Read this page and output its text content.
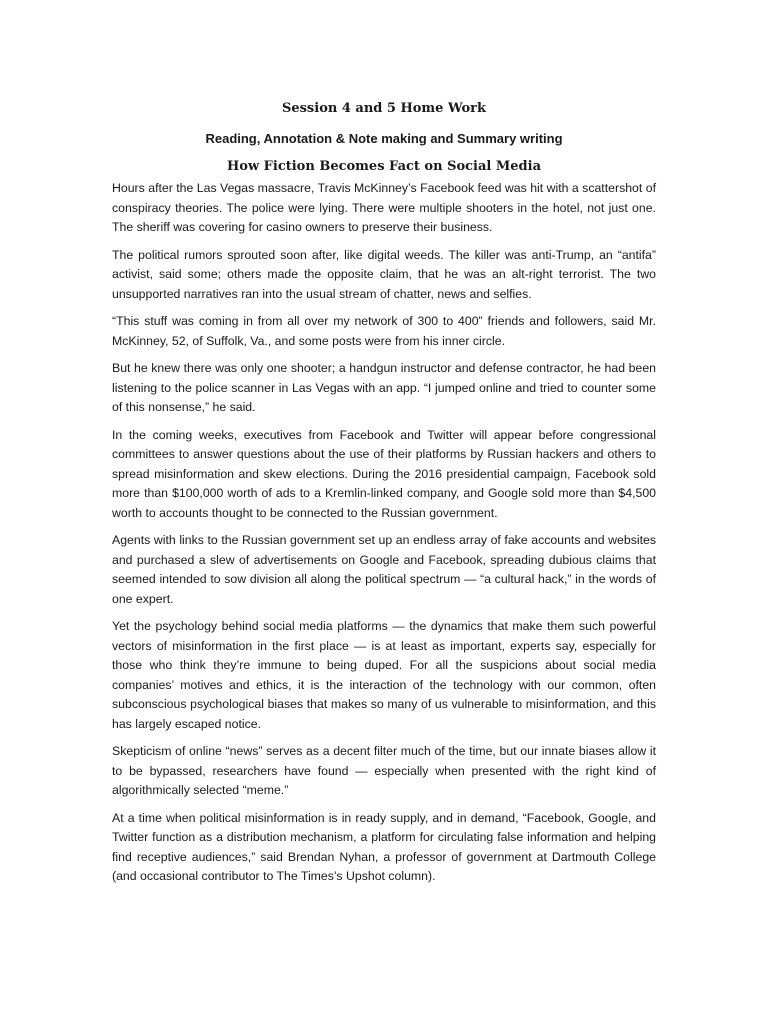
Session 4 and 5 Home Work
Reading, Annotation & Note making and Summary writing
How Fiction Becomes Fact on Social Media

Hours after the Las Vegas massacre, Travis McKinney’s Facebook feed was hit with a scattershot of conspiracy theories. The police were lying. There were multiple shooters in the hotel, not just one. The sheriff was covering for casino owners to preserve their business.

The political rumors sprouted soon after, like digital weeds. The killer was anti-Trump, an “antifa” activist, said some; others made the opposite claim, that he was an alt-right terrorist. The two unsupported narratives ran into the usual stream of chatter, news and selfies.

“This stuff was coming in from all over my network of 300 to 400” friends and followers, said Mr. McKinney, 52, of Suffolk, Va., and some posts were from his inner circle.

But he knew there was only one shooter; a handgun instructor and defense contractor, he had been listening to the police scanner in Las Vegas with an app. “I jumped online and tried to counter some of this nonsense,” he said.

In the coming weeks, executives from Facebook and Twitter will appear before congressional committees to answer questions about the use of their platforms by Russian hackers and others to spread misinformation and skew elections. During the 2016 presidential campaign, Facebook sold more than $100,000 worth of ads to a Kremlin-linked company, and Google sold more than $4,500 worth to accounts thought to be connected to the Russian government.

Agents with links to the Russian government set up an endless array of fake accounts and websites and purchased a slew of advertisements on Google and Facebook, spreading dubious claims that seemed intended to sow division all along the political spectrum — “a cultural hack,” in the words of one expert.

Yet the psychology behind social media platforms — the dynamics that make them such powerful vectors of misinformation in the first place — is at least as important, experts say, especially for those who think they’re immune to being duped. For all the suspicions about social media companies’ motives and ethics, it is the interaction of the technology with our common, often subconscious psychological biases that makes so many of us vulnerable to misinformation, and this has largely escaped notice.

Skepticism of online “news” serves as a decent filter much of the time, but our innate biases allow it to be bypassed, researchers have found — especially when presented with the right kind of algorithmically selected “meme.”

At a time when political misinformation is in ready supply, and in demand, “Facebook, Google, and Twitter function as a distribution mechanism, a platform for circulating false information and helping find receptive audiences,” said Brendan Nyhan, a professor of government at Dartmouth College (and occasional contributor to The Times’s Upshot column).
